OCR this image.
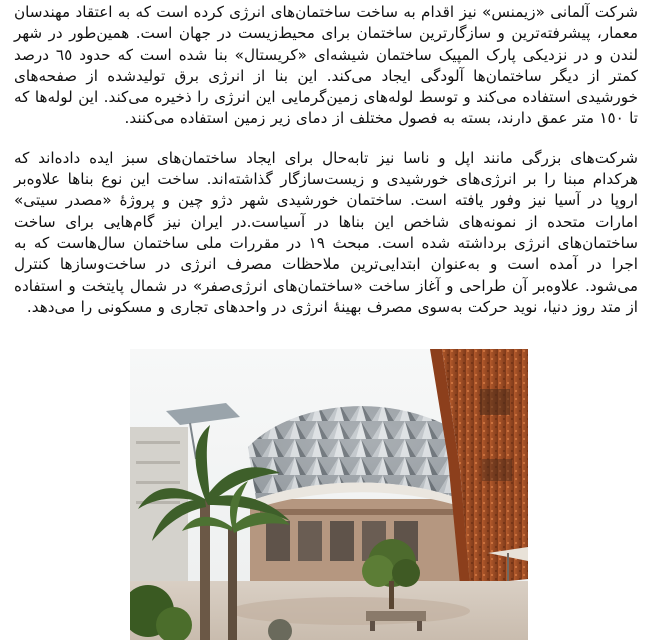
شرکت آلمانی «زیمنس» نیز اقدام به ساخت ساختمان‌های انرژی کرده است که به اعتقاد مهندسان معمار، پیشرفته‌ترین و سازگارترین ساختمان برای محیط‌زیست در جهان است. همین‌طور در شهر لندن و در نزدیکی پارک المپیک ساختمان شیشه‌ای «کریستال» بنا شده است که حدود ٦٥ درصد کمتر از دیگر ساختمان‌ها آلودگی ایجاد می‌کند. این بنا از انرژی برق تولیدشده از صفحه‌های خورشیدی استفاده می‌کند و توسط لوله‌های زمین‌گرمایی این انرژی را ذخیره می‌کند. این لوله‌ها که تا ١٥٠ متر عمق دارند، بسته به فصول مختلف از دمای زیر زمین استفاده می‌کنند.

شرکت‌های بزرگی مانند اپل و ناسا نیز تابه‌حال برای ایجاد ساختمان‌های سبز ایده داده‌اند که هرکدام مبنا را بر انرژی‌های خورشیدی و زیست‌سازگار گذاشته‌اند. ساخت این نوع بناها علاوه‌بر اروپا در آسیا نیز وفور یافته است. ساختمان خورشیدی شهر دژو چین و پروژهٔ «مصدر سیتی» امارات متحده از نمونه‌های شاخص این بناها در آسیاست.در ایران نیز گام‌هایی برای ساخت ساختمان‌های انرژی برداشته شده است. مبحث ١٩ در مقررات ملی ساختمان سال‌هاست که به اجرا در آمده است و به‌عنوان ابتدایی‌ترین ملاحظات مصرف انرژی در ساخت‌وسازها کنترل می‌شود. علاوه‌بر آن طراحی و آغاز ساخت «ساختمان‌های انرژی‌صفر» در شمال پایتخت و استفاده از متد روز دنیا، نوید حرکت به‌سوی مصرف بهینهٔ انرژی در واحدهای تجاری و مسکونی را می‌دهد.
